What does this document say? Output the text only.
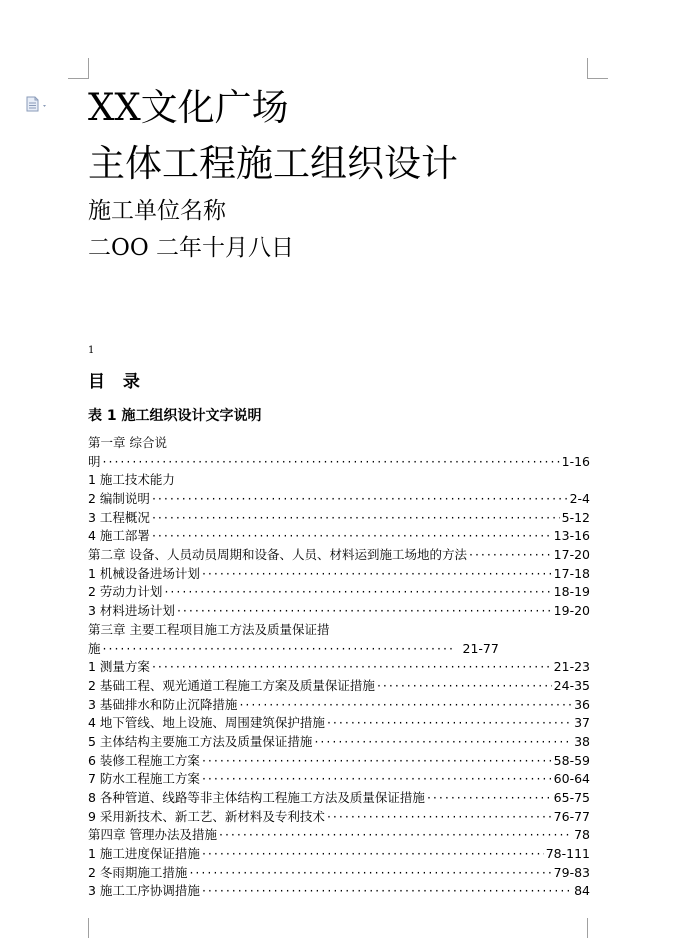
XX文化广场
主体工程施工组织设计
施工单位名称
二OO 二年十月八日
1
目 录
表 1 施工组织设计文字说明
第一章 综合说
明 ·····	1-16
1 施工技术能力
2 编制说明 ·····	2-4
3 工程概况 ·····	5-12
4 施工部署 ·····	13-16
第二章 设备、人员动员周期和设备、人员、材料运到施工场地的方法 ·····	17-20
1 机械设备进场计划 ·····	17-18
2 劳动力计划 ·····	18-19
3 材料进场计划 ·····	19-20
第三章 主要工程项目施工方法及质量保证措
施 ·····	21-77
1 测量方案 ·····	21-23
2 基础工程、观光通道工程施工方案及质量保证措施 ·····	24-35
3 基础排水和防止沉降措施 ·····	36
4 地下管线、地上设施、周围建筑保护措施 ·····	37
5 主体结构主要施工方法及质量保证措施 ·····	38
6 装修工程施工方案 ·····	58-59
7 防水工程施工方案 ·····	60-64
8 各种管道、线路等非主体结构工程施工方法及质量保证措施 ·····	65-75
9 采用新技术、新工艺、新材料及专利技术 ·····	76-77
第四章 管理办法及措施 ·····	78
1 施工进度保证措施 ·····	78-111
2 冬雨期施工措施 ·····	79-83
3 施工工序协调措施 ·····	84
